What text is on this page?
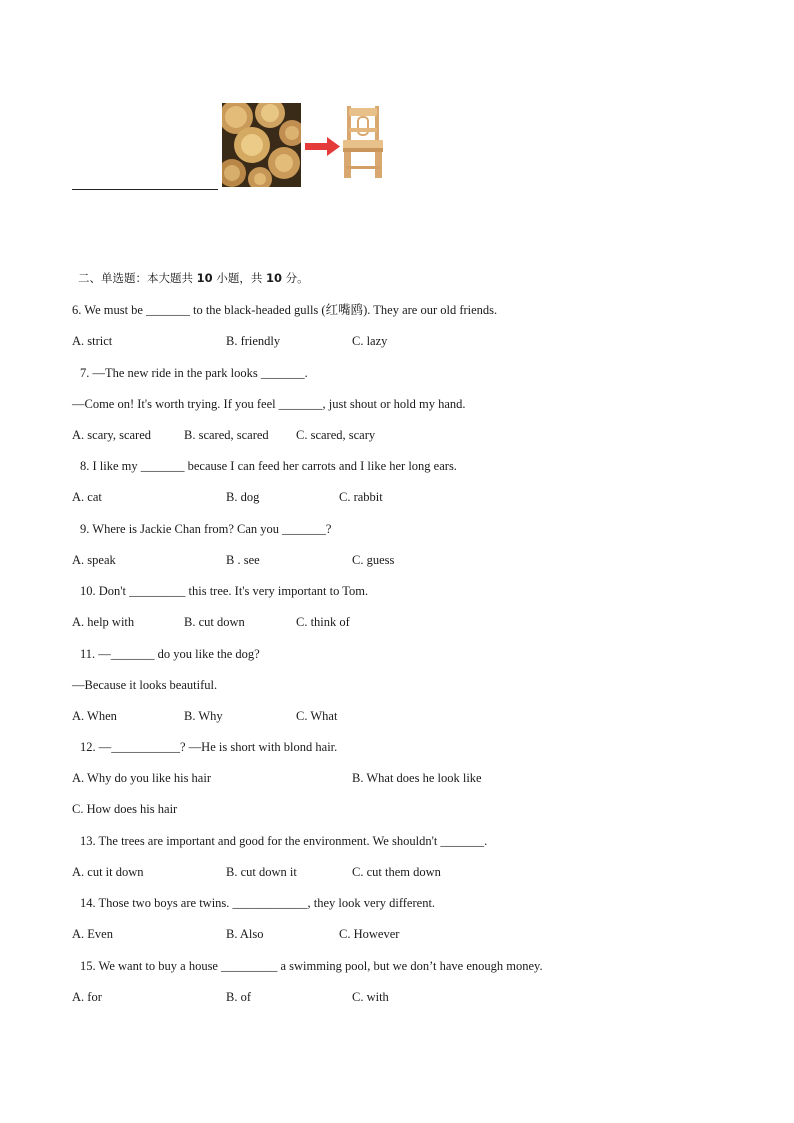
二、单选题：本大题共 10 小题，共 10 分。
6. We must be _______ to the black-headed gulls (红嘴鸥). They are our old friends.
A. strict	B. friendly	C. lazy
7. —The new ride in the park looks _______.
—Come on! It's worth trying. If you feel _______, just shout or hold my hand.
A. scary, scared	B. scared, scared C. scared, scary
8. I like my _______ because I can feed her carrots and I like her long ears.
A. cat	B. dog	C. rabbit
9. Where is Jackie Chan from? Can you _______?
A. speak	B . see	C. guess
10. Don't _________ this tree. It's very important to Tom.
A. help with	B. cut down	C. think of
11. —_______ do you like the dog?
—Because it looks beautiful.
A. When	B. Why	C. What
12. —___________? —He is short with blond hair.
A. Why do you like his hair	B. What does he look like
C. How does his hair
13. The trees are important and good for the environment. We shouldn't _______.
A. cut it down	B. cut down it	C. cut them down
14. Those two boys are twins. ____________, they look very different.
A. Even	B. Also	C. However
15. We want to buy a house _________ a swimming pool, but we don’t have enough money.
A. for	B. of	C. with
